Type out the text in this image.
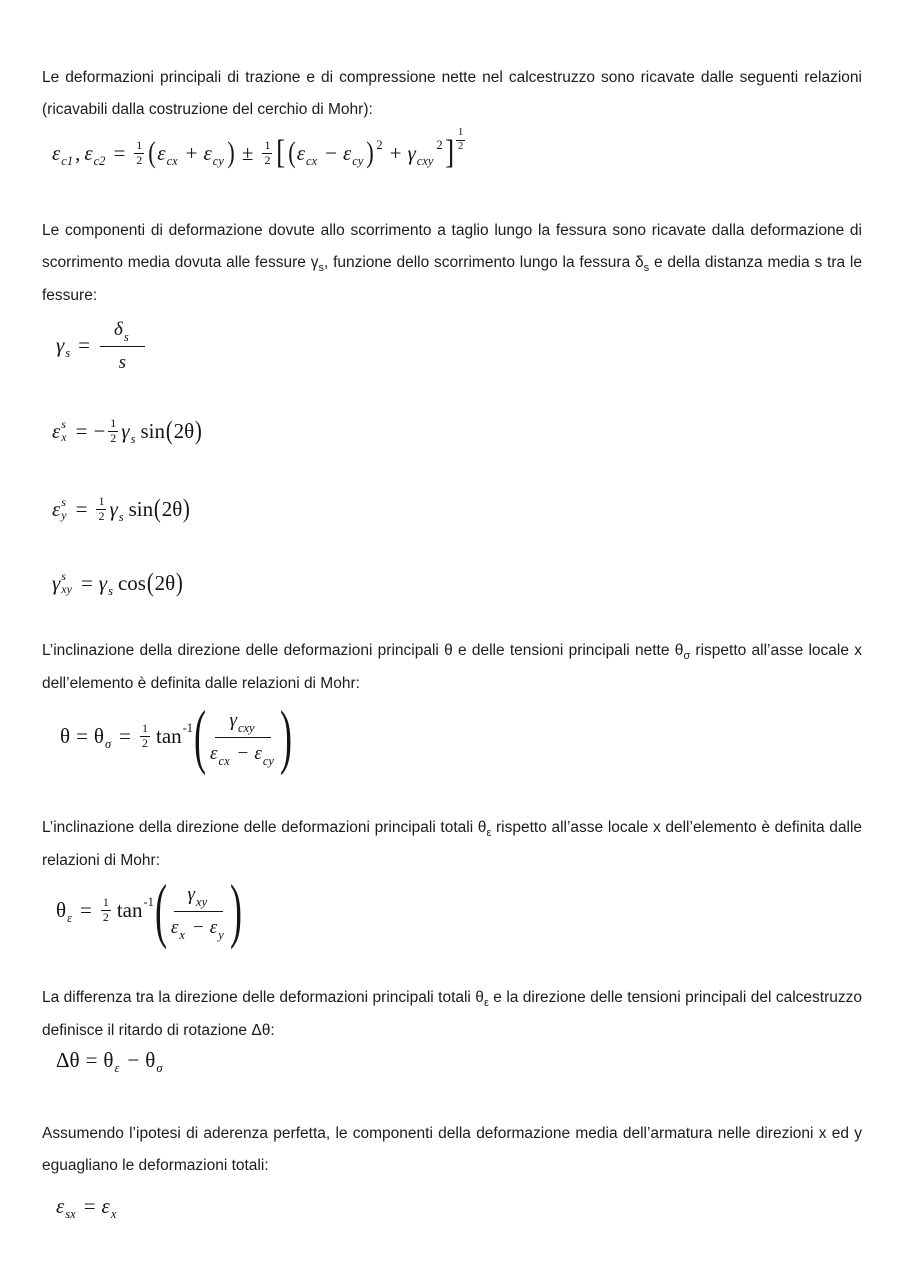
Le deformazioni principali di trazione e di compressione nette nel calcestruzzo sono ricavate dalle seguenti relazioni (ricavabili dalla costruzione del cerchio di Mohr):

ε c1 , ε $c2 = \frac{1}{2}$ ( ε cx + ε cy ) ± $\frac{1}{2}$ [ ( ε cx − ε cy ) 2 + γ cxy
2 ] $\frac{1}{2}$

Le componenti di deformazione dovute allo scorrimento a taglio lungo la fessura sono ricavate dalla deformazione di scorrimento media dovuta alle fessure $\gamma_s$, funzione dello scorrimento lungo la fessura $\delta_s$ e della distanza media s tra le fessure:

γ $s = \frac{\text{δ s}}{s}$
ε s
x = − $\frac{1}{2}$ γ s sin ( 2θ )
ε s
$y = \frac{1}{2}$ γ s sin ( 2θ )
γ s
xy = γ s cos ( 2θ )

L’inclinazione della direzione delle deformazioni principali θ e delle tensioni principali nette $\theta_\sigma$ rispetto all’asse locale x dell’elemento è definita dalle relazioni di Mohr:

θ = θ $\sigma = \frac{1}{2}$ tan -1 ( γ cxy
ε cx − ε cy )

L’inclinazione della direzione delle deformazioni principali totali $\theta_\varepsilon$ rispetto all’asse locale x dell’elemento è definita dalle relazioni di Mohr:

θ $\varepsilon = \frac{1}{2}$ tan -1 ( γ xy
ε x − ε y )

La differenza tra la direzione delle deformazioni principali totali $\theta_\varepsilon$ e la direzione delle tensioni principali del calcestruzzo definisce il ritardo di rotazione Δθ:

Δθ = θ ε − θ σ

Assumendo l’ipotesi di aderenza perfetta, le componenti della deformazione media dell’armatura nelle direzioni x ed y eguagliano le deformazioni totali:

ε sx = ε x
